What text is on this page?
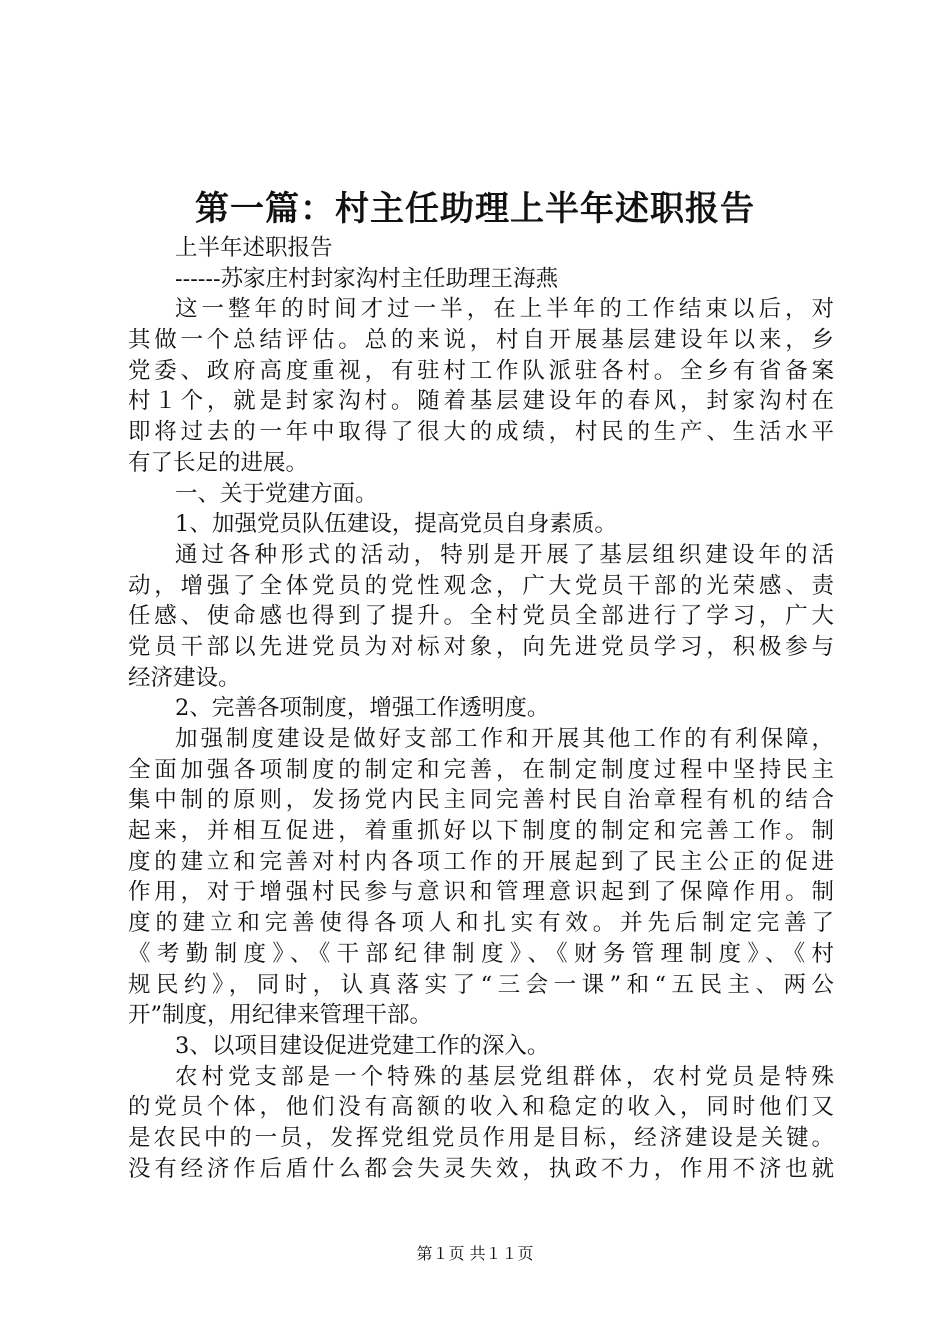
第一篇：村主任助理上半年述职报告
上半年述职报告
------苏家庄村封家沟村主任助理王海燕
这一整年的时间才过一半，在上半年的工作结束以后，对
其做一个总结评估。总的来说，村自开展基层建设年以来，乡
党委、政府高度重视，有驻村工作队派驻各村。全乡有省备案
村１个，就是封家沟村。随着基层建设年的春风，封家沟村在
即将过去的一年中取得了很大的成绩，村民的生产、生活水平
有了长足的进展。
一、关于党建方面。
1、加强党员队伍建设，提高党员自身素质。
通过各种形式的活动，特别是开展了基层组织建设年的活
动，增强了全体党员的党性观念，广大党员干部的光荣感、责
任感、使命感也得到了提升。全村党员全部进行了学习，广大
党员干部以先进党员为对标对象，向先进党员学习，积极参与
经济建设。
2、完善各项制度，增强工作透明度。
加强制度建设是做好支部工作和开展其他工作的有利保障，
全面加强各项制度的制定和完善，在制定制度过程中坚持民主
集中制的原则，发扬党内民主同完善村民自治章程有机的结合
起来，并相互促进，着重抓好以下制度的制定和完善工作。制
度的建立和完善对村内各项工作的开展起到了民主公正的促进
作用，对于增强村民参与意识和管理意识起到了保障作用。制
度的建立和完善使得各项人和扎实有效。并先后制定完善了
《考勤制度》、《干部纪律制度》、《财务管理制度》、《村
规民约》，同时，认真落实了“三会一课”和“五民主、两公
开”制度，用纪律来管理干部。
3、以项目建设促进党建工作的深入。
农村党支部是一个特殊的基层党组群体，农村党员是特殊
的党员个体，他们没有高额的收入和稳定的收入，同时他们又
是农民中的一员，发挥党组党员作用是目标，经济建设是关键。
没有经济作后盾什么都会失灵失效，执政不力，作用不济也就
第１页 共１１页
